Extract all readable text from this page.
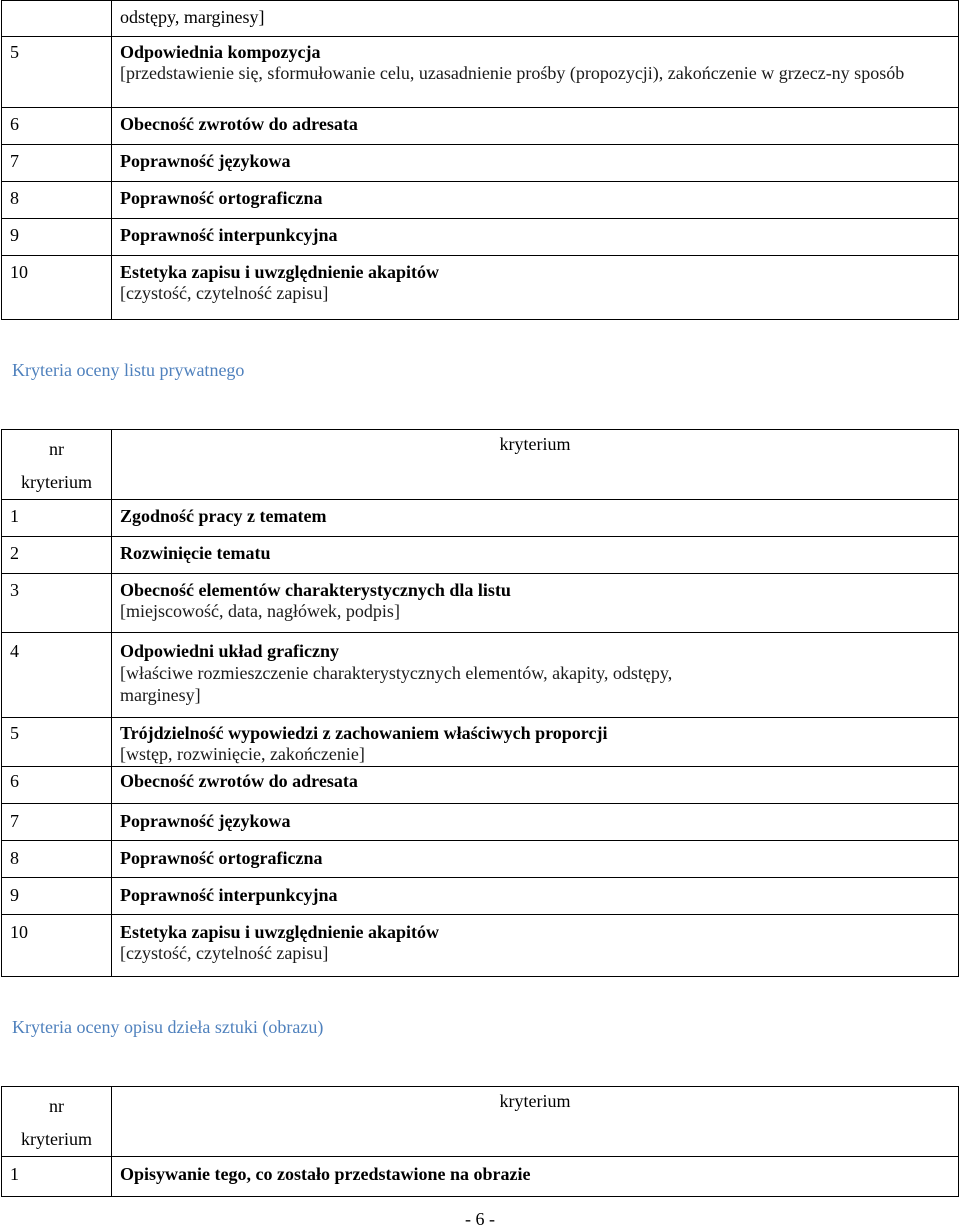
	odstępy, marginesy]
5	Odpowiednia kompozycja
[przedstawienie się, sformułowanie celu, uzasadnienie prośby (propozycji), zakończenie w grzecz-ny sposób

6	Obecność zwrotów do adresata

7	Poprawność językowa

8	Poprawność ortograficzna

9	Poprawność interpunkcyjna

10	Estetyka zapisu i uwzględnienie akapitów
[czystość, czytelność zapisu]
Kryteria oceny listu prywatnego
nr
kryterium	kryterium

1	Zgodność pracy z tematem

2	Rozwinięcie tematu

3	Obecność elementów charakterystycznych dla listu
[miejscowość, data, nagłówek, podpis]

4	Odpowiedni układ graficzny
[właściwe rozmieszczenie charakterystycznych elementów, akapity, odstępy, marginesy]

5	Trójdzielność wypowiedzi z zachowaniem właściwych proporcji
[wstęp, rozwinięcie, zakończenie]

6	Obecność zwrotów do adresata

7	Poprawność językowa

8	Poprawność ortograficzna

9	Poprawność interpunkcyjna

10	Estetyka zapisu i uwzględnienie akapitów
[czystość, czytelność zapisu]
Kryteria oceny opisu dzieła sztuki (obrazu)
nr
kryterium	kryterium

1	Opisywanie tego, co zostało przedstawione na obrazie
- 6 -
